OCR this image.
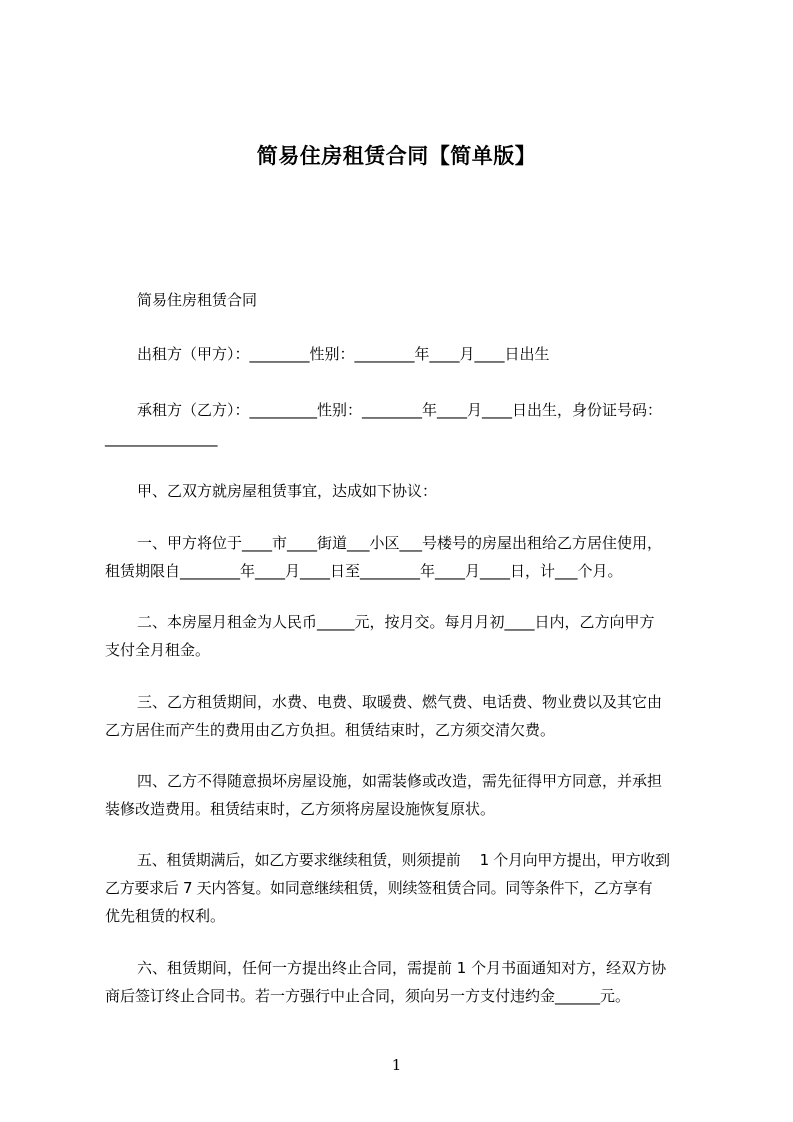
简易住房租赁合同【简单版】
简易住房租赁合同
出租方（甲方）：________性别：________年____月____日出生
承租方（乙方）：_________性别：________年____月____日出生，身份证号码：
_______________
甲、乙双方就房屋租赁事宜，达成如下协议：
一、甲方将位于____市____街道___小区___号楼号的房屋出租给乙方居住使用，
租赁期限自________年____月____日至________年____月____日，计___个月。
二、本房屋月租金为人民币_____元，按月交。每月月初____日内，乙方向甲方
支付全月租金。
三、乙方租赁期间，水费、电费、取暖费、燃气费、电话费、物业费以及其它由
乙方居住而产生的费用由乙方负担。租赁结束时，乙方须交清欠费。
四、乙方不得随意损坏房屋设施，如需装修或改造，需先征得甲方同意，并承担
装修改造费用。租赁结束时，乙方须将房屋设施恢复原状。
五、租赁期满后，如乙方要求继续租赁，则须提前　 1 个月向甲方提出，甲方收到
乙方要求后 7 天内答复。如同意继续租赁，则续签租赁合同。同等条件下，乙方享有
优先租赁的权利。
六、租赁期间，任何一方提出终止合同，需提前 1 个月书面通知对方，经双方协
商后签订终止合同书。若一方强行中止合同，须向另一方支付违约金______元。
1
